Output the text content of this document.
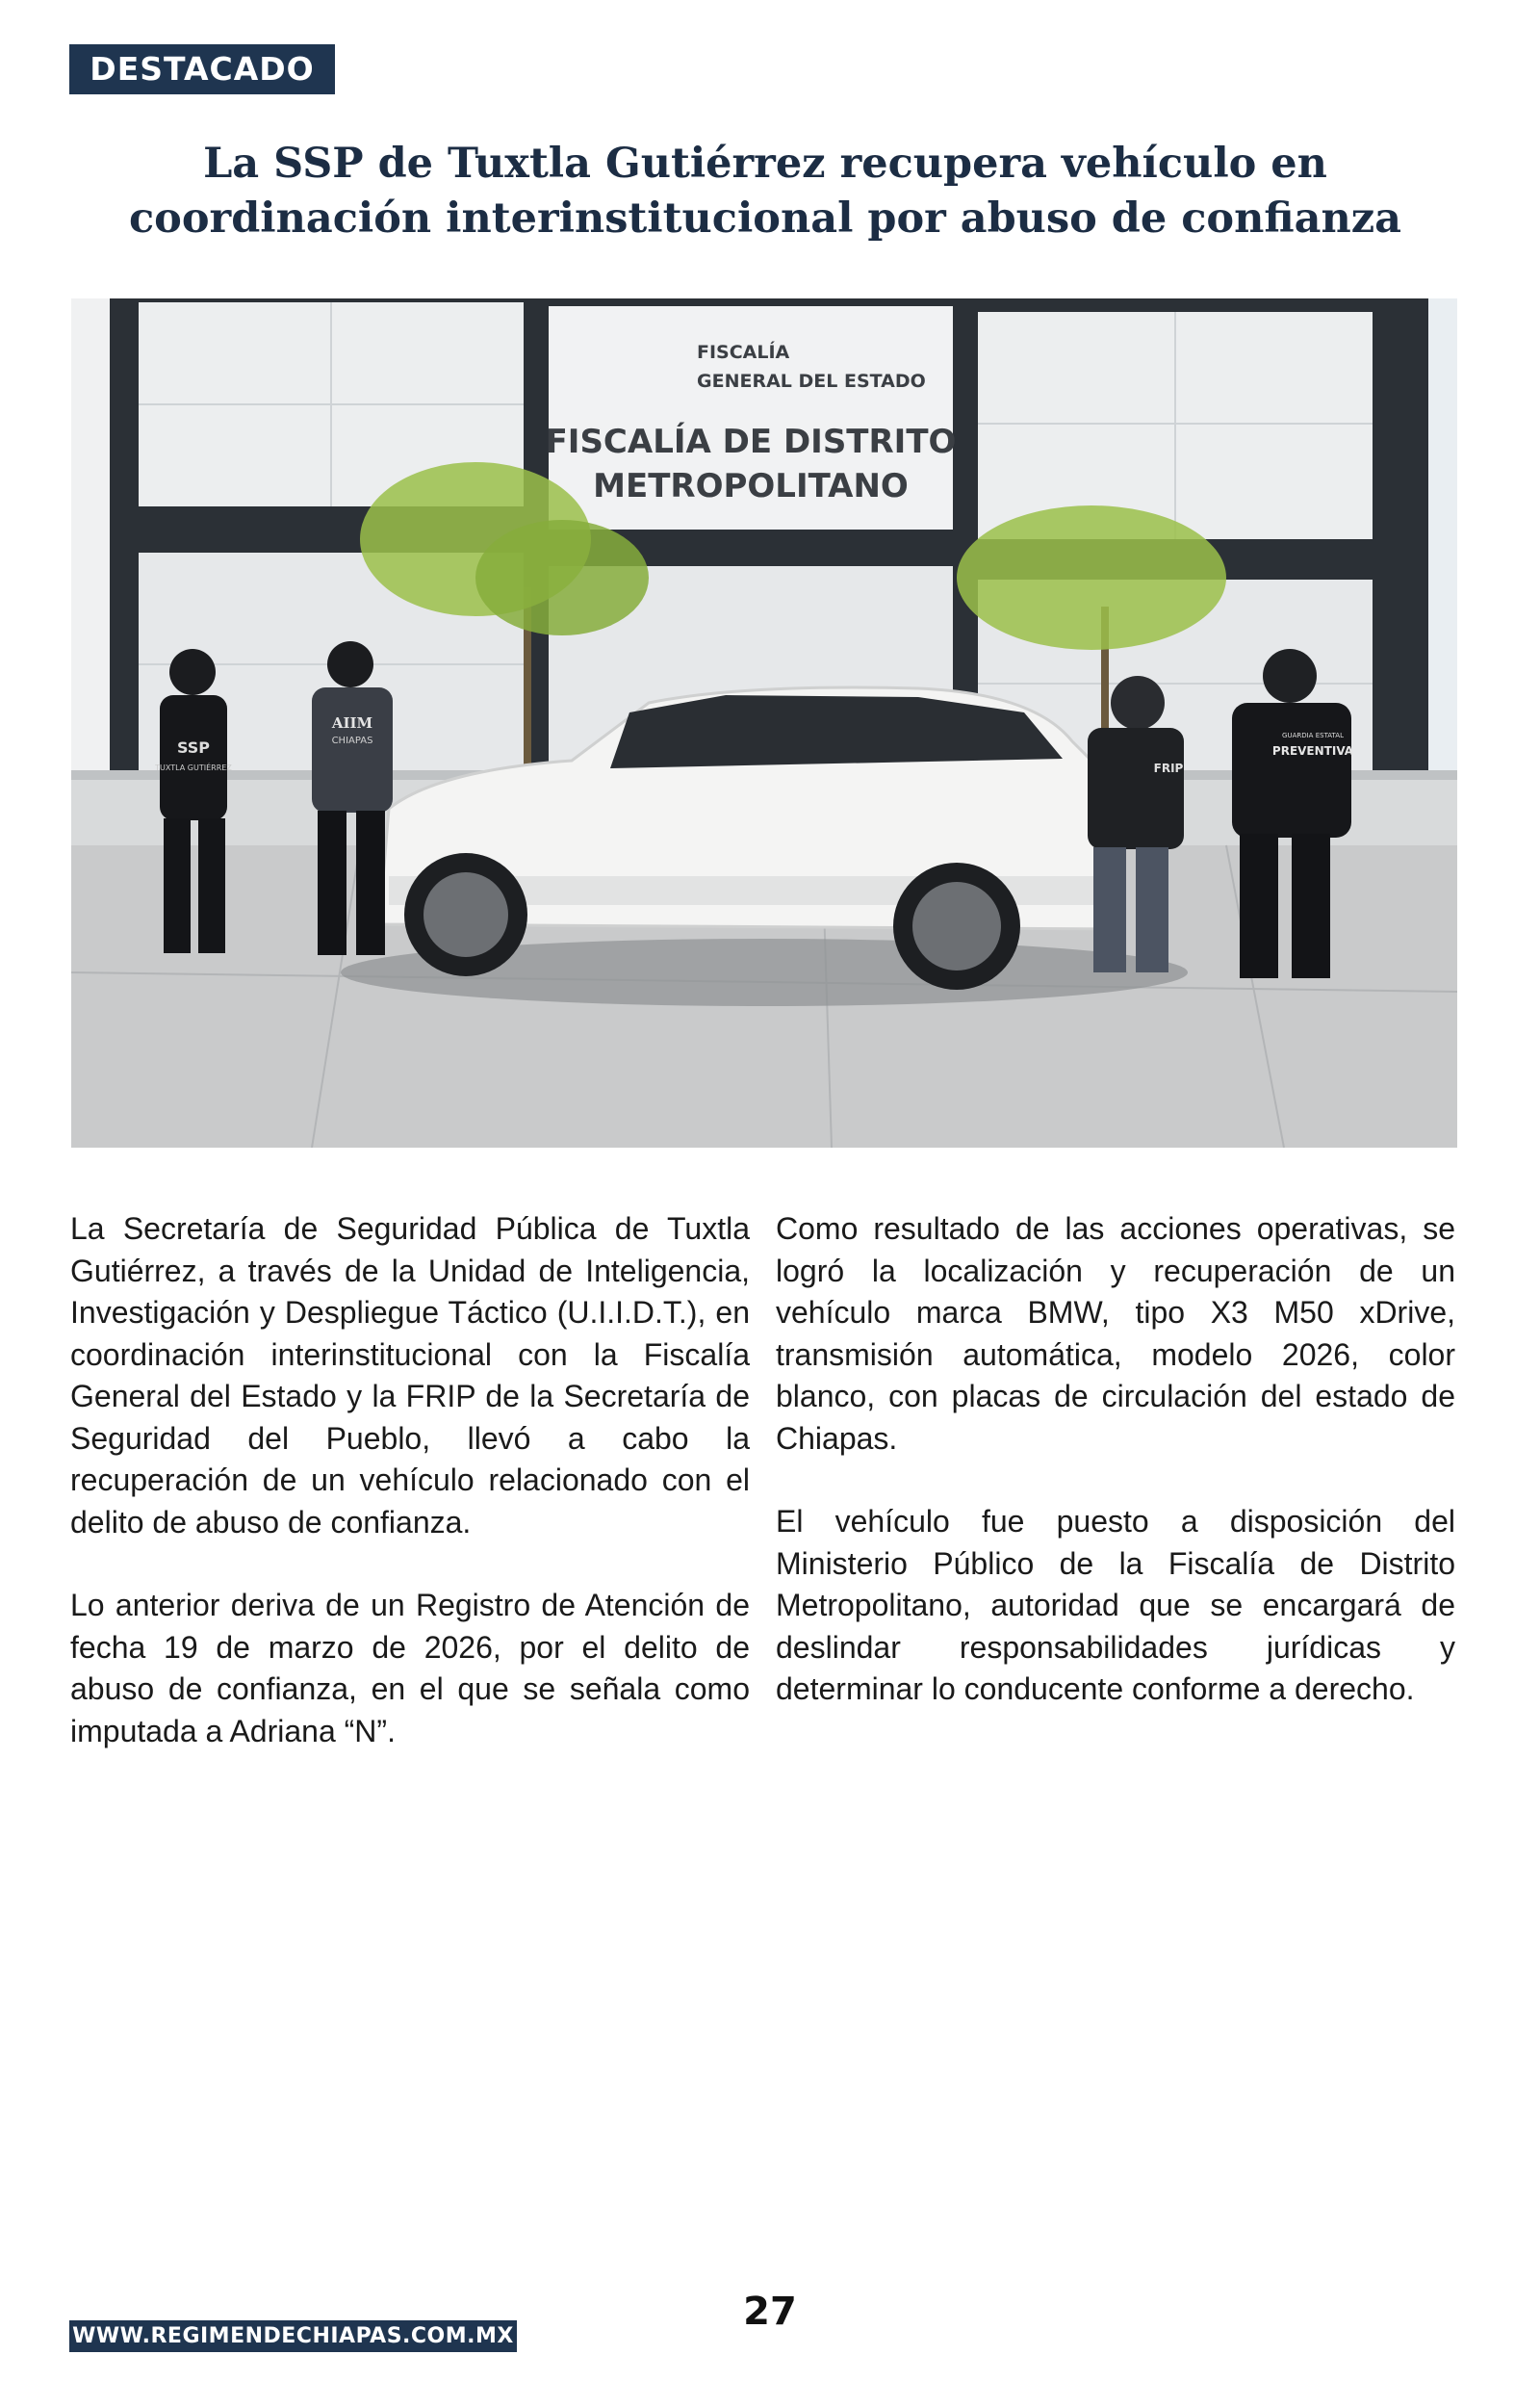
DESTACADO
La SSP de Tuxtla Gutiérrez recupera vehículo en coordinación interinstitucional por abuso de confianza
FISCALÍA
GENERAL DEL ESTADO
FISCALÍA DE DISTRITO
METROPOLITANO
SSP
TUXTLA GUTIÉRREZ
AIIM
CHIAPAS
FRIP
GUARDIA ESTATAL
PREVENTIVA

La Secretaría de Seguridad Pública de Tuxtla Gutiérrez, a través de la Unidad de Inteligencia, Investigación y Despliegue Táctico (U.I.I.D.T.), en coordinación interinstitucional con la Fiscalía General del Estado y la FRIP de la Secretaría de Seguridad del Pueblo, llevó a cabo la recuperación de un vehículo relacionado con el delito de abuso de confianza.

Lo anterior deriva de un Registro de Atención de fecha 19 de marzo de 2026, por el delito de abuso de confianza, en el que se señala como imputada a Adriana “N”.

Como resultado de las acciones operativas, se logró la localización y recuperación de un vehículo marca BMW, tipo X3 M50 xDrive, transmisión automática, modelo 2026, color blanco, con placas de circulación del estado de Chiapas.

El vehículo fue puesto a disposición del Ministerio Público de la Fiscalía de Distrito Metropolitano, autoridad que se encargará de deslindar responsabilidades jurídicas y determinar lo conducente conforme a derecho.

27
WWW.REGIMENDECHIAPAS.COM.MX
